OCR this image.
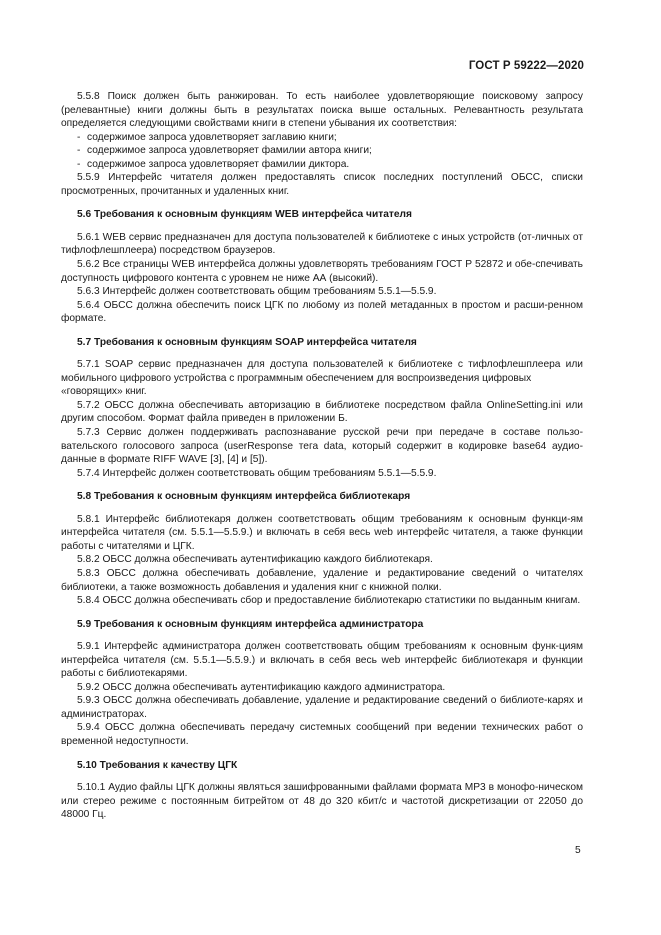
ГОСТ Р 59222—2020

5.5.8 Поиск должен быть ранжирован. То есть наиболее удовлетворяющие поисковому запросу (релевантные) книги должны быть в результатах поиска выше остальных. Релевантность результата определяется следующими свойствами книги в степени убывания их соответствия:

- содержимое запроса удовлетворяет заглавию книги;

- содержимое запроса удовлетворяет фамилии автора книги;

- содержимое запроса удовлетворяет фамилии диктора.

5.5.9 Интерфейс читателя должен предоставлять список последних поступлений ОБСС, списки просмотренных, прочитанных и удаленных книг.

5.6 Требования к основным функциям WEB интерфейса читателя

5.6.1 WEB сервис предназначен для доступа пользователей к библиотеке с иных устройств (от-личных от тифлофлешплеера) посредством браузеров.

5.6.2 Все страницы WEB интерфейса должны удовлетворять требованиям ГОСТ Р 52872 и обе-спечивать доступность цифрового контента с уровнем не ниже АА (высокий).

5.6.3 Интерфейс должен соответствовать общим требованиям 5.5.1—5.5.9.

5.6.4 ОБСС должна обеспечить поиск ЦГК по любому из полей метаданных в простом и расши-ренном формате.

5.7 Требования к основным функциям SOAP интерфейса читателя

5.7.1 SOAP сервис предназначен для доступа пользователей к библиотеке с тифлофлешплеера или мобильного цифрового устройства с программным обеспечением для воспроизведения цифровых

«говорящих» книг.

5.7.2 ОБСС должна обеспечивать авторизацию в библиотеке посредством файла OnlineSetting.ini или другим способом. Формат файла приведен в приложении Б.

5.7.3 Сервис должен поддерживать распознавание русской речи при передаче в составе пользо-вательского голосового запроса (userResponse тега data, который содержит в кодировке base64 аудио-данные в формате RIFF WAVE [3], [4] и [5]).

5.7.4 Интерфейс должен соответствовать общим требованиям 5.5.1—5.5.9.

5.8 Требования к основным функциям интерфейса библиотекаря

5.8.1 Интерфейс библиотекаря должен соответствовать общим требованиям к основным функци-ям интерфейса читателя (см. 5.5.1—5.5.9.) и включать в себя весь web интерфейс читателя, а также функции работы с читателями и ЦГК.

5.8.2 ОБСС должна обеспечивать аутентификацию каждого библиотекаря.

5.8.3 ОБСС должна обеспечивать добавление, удаление и редактирование сведений о читателях библиотеки, а также возможность добавления и удаления книг с книжной полки.

5.8.4 ОБСС должна обеспечивать сбор и предоставление библиотекарю статистики по выданным книгам.

5.9 Требования к основным функциям интерфейса администратора

5.9.1 Интерфейс администратора должен соответствовать общим требованиям к основным функ-циям интерфейса читателя (см. 5.5.1—5.5.9.) и включать в себя весь web интерфейс библиотекаря и функции работы с библиотекарями.

5.9.2 ОБСС должна обеспечивать аутентификацию каждого администратора.

5.9.3 ОБСС должна обеспечивать добавление, удаление и редактирование сведений о библиоте-карях и администраторах.

5.9.4 ОБСС должна обеспечивать передачу системных сообщений при ведении технических работ о временной недоступности.

5.10 Требования к качеству ЦГК

5.10.1 Аудио файлы ЦГК должны являться зашифрованными файлами формата MP3 в монофо-ническом или стерео режиме с постоянным битрейтом от 48 до 320 кбит/с и частотой дискретизации от 22050 до 48000 Гц.

5
